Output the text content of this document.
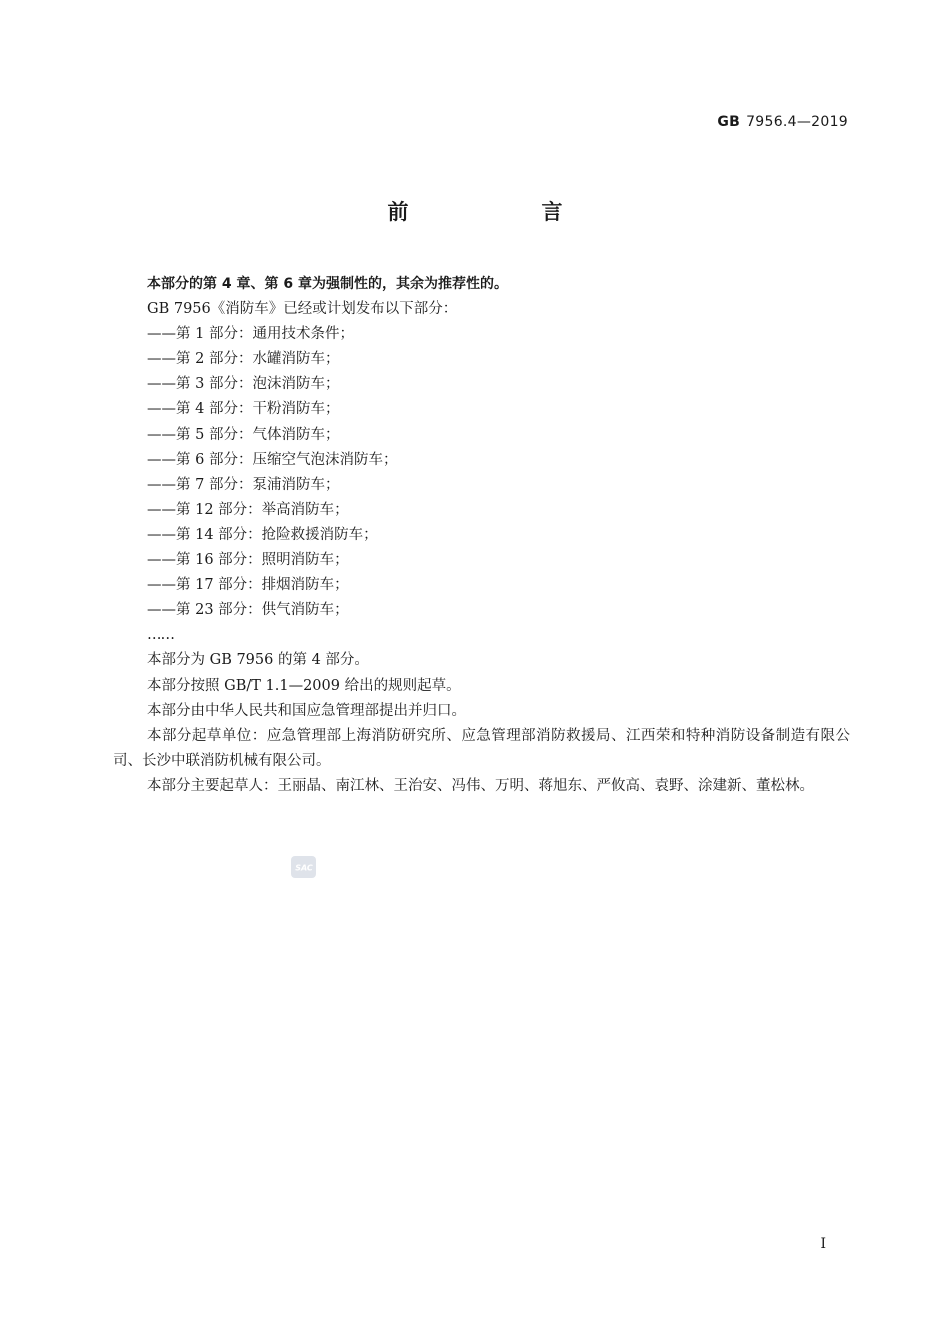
GB 7956.4—2019
前　言

本部分的第 4 章、第 6 章为强制性的，其余为推荐性的。

GB 7956《消防车》已经或计划发布以下部分：

——第 1 部分：通用技术条件；

——第 2 部分：水罐消防车；

——第 3 部分：泡沫消防车；

——第 4 部分：干粉消防车；

——第 5 部分：气体消防车；

——第 6 部分：压缩空气泡沫消防车；

——第 7 部分：泵浦消防车；

——第 12 部分：举高消防车；

——第 14 部分：抢险救援消防车；

——第 16 部分：照明消防车；

——第 17 部分：排烟消防车；

——第 23 部分：供气消防车；

……

本部分为 GB 7956 的第 4 部分。

本部分按照 GB/T 1.1—2009 给出的规则起草。

本部分由中华人民共和国应急管理部提出并归口。

本部分起草单位：应急管理部上海消防研究所、应急管理部消防救援局、江西荣和特种消防设备制造有限公司、长沙中联消防机械有限公司。

本部分主要起草人：王丽晶、南江林、王治安、冯伟、万明、蒋旭东、严攸高、袁野、涂建新、董松林。

SAC
I
